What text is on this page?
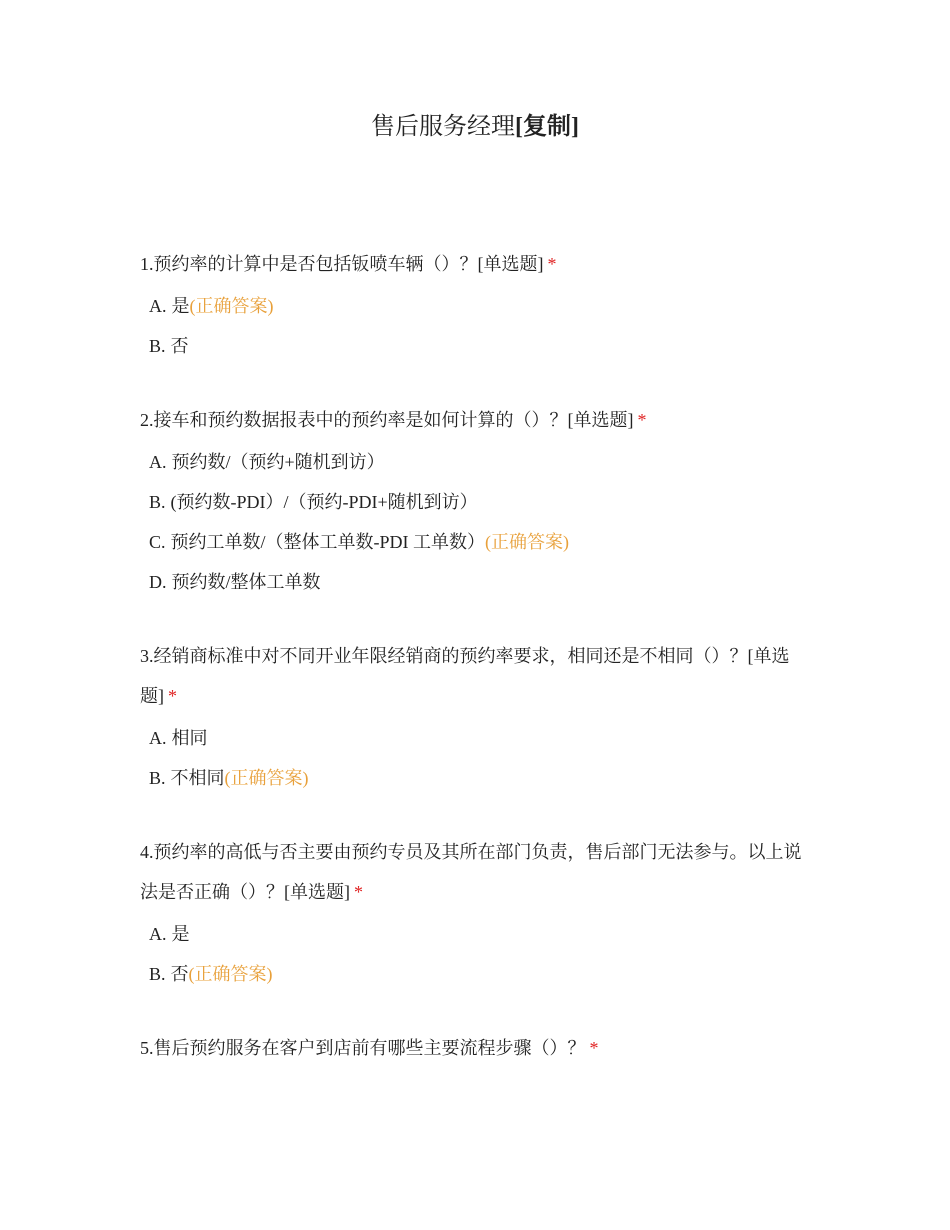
售后服务经理[复制]
1.预约率的计算中是否包括钣喷车辆（）？[单选题] *
A. 是(正确答案)
B. 否
2.接车和预约数据报表中的预约率是如何计算的（）？[单选题] *
A. 预约数/（预约+随机到访）
B. (预约数-PDI）/（预约-PDI+随机到访）
C. 预约工单数/（整体工单数-PDI 工单数）(正确答案)
D. 预约数/整体工单数
3.经销商标准中对不同开业年限经销商的预约率要求，相同还是不相同（）？[单选题] *
A. 相同
B. 不相同(正确答案)
4.预约率的高低与否主要由预约专员及其所在部门负责，售后部门无法参与。以上说法是否正确（）？[单选题] *
A. 是
B. 否(正确答案)
5.售后预约服务在客户到店前有哪些主要流程步骤（）？ *
